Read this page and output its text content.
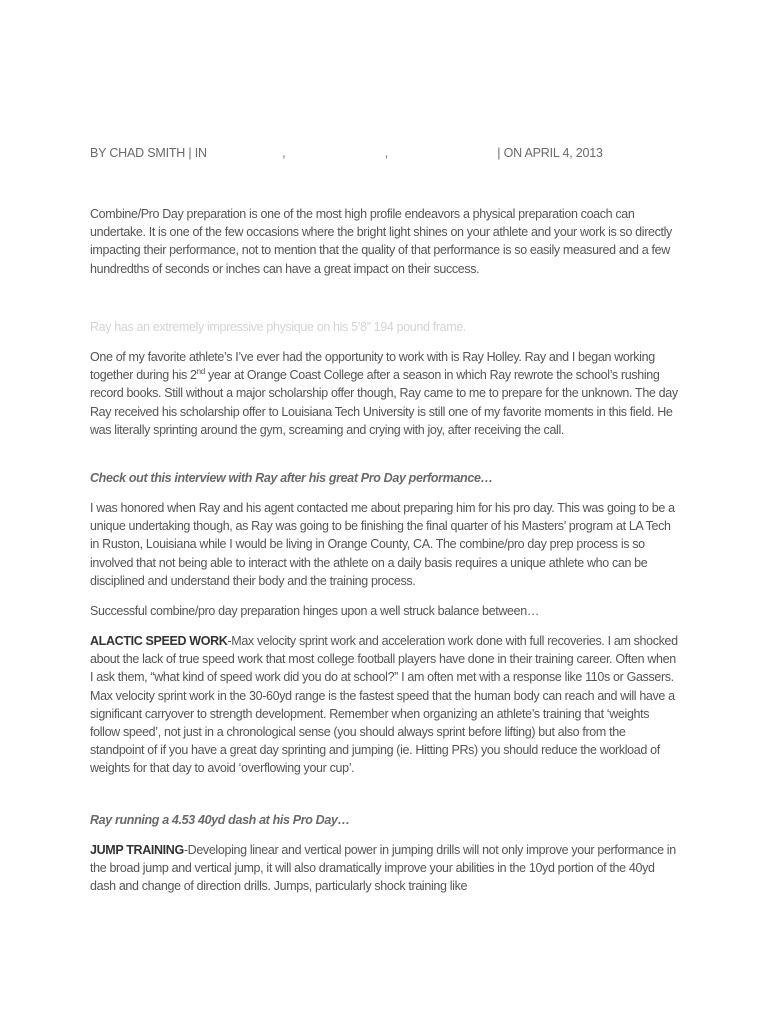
BY CHAD SMITH | IN	,	,	| ON APRIL 4, 2013

Combine/Pro Day preparation is one of the most high profile endeavors a physical preparation coach can undertake. It is one of the few occasions where the bright light shines on your athlete and your work is so directly impacting their performance, not to mention that the quality of that performance is so easily measured and a few hundredths of seconds or inches can have a great impact on their success.

Ray has an extremely impressive physique on his 5’8” 194 pound frame.

One of my favorite athlete’s I’ve ever had the opportunity to work with is Ray Holley. Ray and I began working together during his 2nd year at Orange Coast College after a season in which Ray rewrote the school’s rushing record books. Still without a major scholarship offer though, Ray came to me to prepare for the unknown. The day Ray received his scholarship offer to Louisiana Tech University is still one of my favorite moments in this field. He was literally sprinting around the gym, screaming and crying with joy, after receiving the call.

Check out this interview with Ray after his great Pro Day performance…

I was honored when Ray and his agent contacted me about preparing him for his pro day. This was going to be a unique undertaking though, as Ray was going to be finishing the final quarter of his Masters’ program at LA Tech in Ruston, Louisiana while I would be living in Orange County, CA. The combine/pro day prep process is so involved that not being able to interact with the athlete on a daily basis requires a unique athlete who can be disciplined and understand their body and the training process.

Successful combine/pro day preparation hinges upon a well struck balance between…

ALACTIC SPEED WORK-Max velocity sprint work and acceleration work done with full recoveries. I am shocked about the lack of true speed work that most college football players have done in their training career. Often when I ask them, “what kind of speed work did you do at school?” I am often met with a response like 110s or Gassers. Max velocity sprint work in the 30-60yd range is the fastest speed that the human body can reach and will have a significant carryover to strength development. Remember when organizing an athlete’s training that ‘weights follow speed’, not just in a chronological sense (you should always sprint before lifting) but also from the standpoint of if you have a great day sprinting and jumping (ie. Hitting PRs) you should reduce the workload of weights for that day to avoid ‘overflowing your cup’.

Ray running a 4.53 40yd dash at his Pro Day…

JUMP TRAINING-Developing linear and vertical power in jumping drills will not only improve your performance in the broad jump and vertical jump, it will also dramatically improve your abilities in the 10yd portion of the 40yd dash and change of direction drills. Jumps, particularly shock training like
